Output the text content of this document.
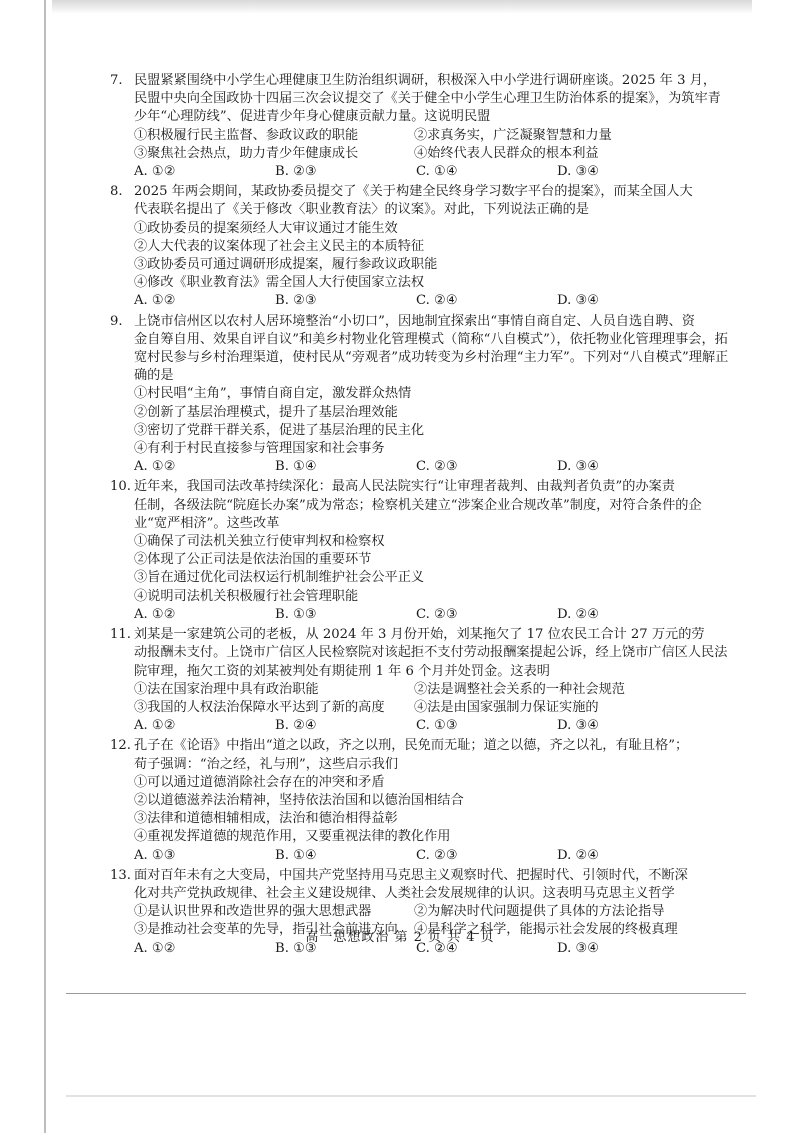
7. 民盟紧紧围绕中小学生心理健康卫生防治组织调研，积极深入中小学进行调研座谈。2025 年 3 月，
民盟中央向全国政协十四届三次会议提交了《关于健全中小学生心理卫生防治体系的提案》，为筑牢青少年“心理防线”、促进青少年身心健康贡献力量。这说明民盟
①积极履行民主监督、参政议政的职能	②求真务实，广泛凝聚智慧和力量
③聚焦社会热点，助力青少年健康成长	④始终代表人民群众的根本利益
A. ①②	B. ②③	C. ①④	D. ③④
8. 2025 年两会期间，某政协委员提交了《关于构建全民终身学习数字平台的提案》，而某全国人大
代表联名提出了《关于修改〈职业教育法〉的议案》。对此，下列说法正确的是
①政协委员的提案须经人大审议通过才能生效
②人大代表的议案体现了社会主义民主的本质特征
③政协委员可通过调研形成提案，履行参政议政职能
④修改《职业教育法》需全国人大行使国家立法权
A. ①②	B. ②③	C. ②④	D. ③④
9. 上饶市信州区以农村人居环境整治“小切口”，因地制宜探索出“事情自商自定、人员自选自聘、资
金自筹自用、效果自评自议”和美乡村物业化管理模式（简称“八自模式”），依托物业化管理理事会，拓宽村民参与乡村治理渠道，使村民从“旁观者”成功转变为乡村治理“主力军”。下列对“八自模式”理解正确的是
①村民唱“主角”，事情自商自定，激发群众热情
②创新了基层治理模式，提升了基层治理效能
③密切了党群干群关系，促进了基层治理的民主化
④有利于村民直接参与管理国家和社会事务
A. ①②	B. ①④	C. ②③	D. ③④
10. 近年来，我国司法改革持续深化：最高人民法院实行“让审理者裁判、由裁判者负责”的办案责
任制，各级法院“院庭长办案”成为常态；检察机关建立“涉案企业合规改革”制度，对符合条件的企业“宽严相济”。这些改革
①确保了司法机关独立行使审判权和检察权
②体现了公正司法是依法治国的重要环节
③旨在通过优化司法权运行机制维护社会公平正义
④说明司法机关积极履行社会管理职能
A. ①②	B. ①③	C. ②③	D. ②④
11. 刘某是一家建筑公司的老板，从 2024 年 3 月份开始，刘某拖欠了 17 位农民工合计 27 万元的劳
动报酬未支付。上饶市广信区人民检察院对该起拒不支付劳动报酬案提起公诉，经上饶市广信区人民法院审理，拖欠工资的刘某被判处有期徒刑 1 年 6 个月并处罚金。这表明
①法在国家治理中具有政治职能	②法是调整社会关系的一种社会规范
③我国的人权法治保障水平达到了新的高度	④法是由国家强制力保证实施的
A. ①②	B. ②④	C. ①③	D. ③④
12. 孔子在《论语》中指出“道之以政，齐之以刑，民免而无耻；道之以德，齐之以礼，有耻且格”；
荀子强调：“治之经，礼与刑”，这些启示我们
①可以通过道德消除社会存在的冲突和矛盾
②以道德滋养法治精神，坚持依法治国和以德治国相结合
③法律和道德相辅相成，法治和德治相得益彰
④重视发挥道德的规范作用，又要重视法律的教化作用
A. ①③	B. ①④	C. ②③	D. ②④
13. 面对百年未有之大变局，中国共产党坚持用马克思主义观察时代、把握时代、引领时代，不断深
化对共产党执政规律、社会主义建设规律、人类社会发展规律的认识。这表明马克思主义哲学
①是认识世界和改造世界的强大思想武器	②为解决时代问题提供了具体的方法论指导
③是推动社会变革的先导，指引社会前进方向	④是科学之科学，能揭示社会发展的终极真理
A. ①②	B. ①③	C. ②④	D. ③④
高一思想政治 第 2 页 共 4 页
